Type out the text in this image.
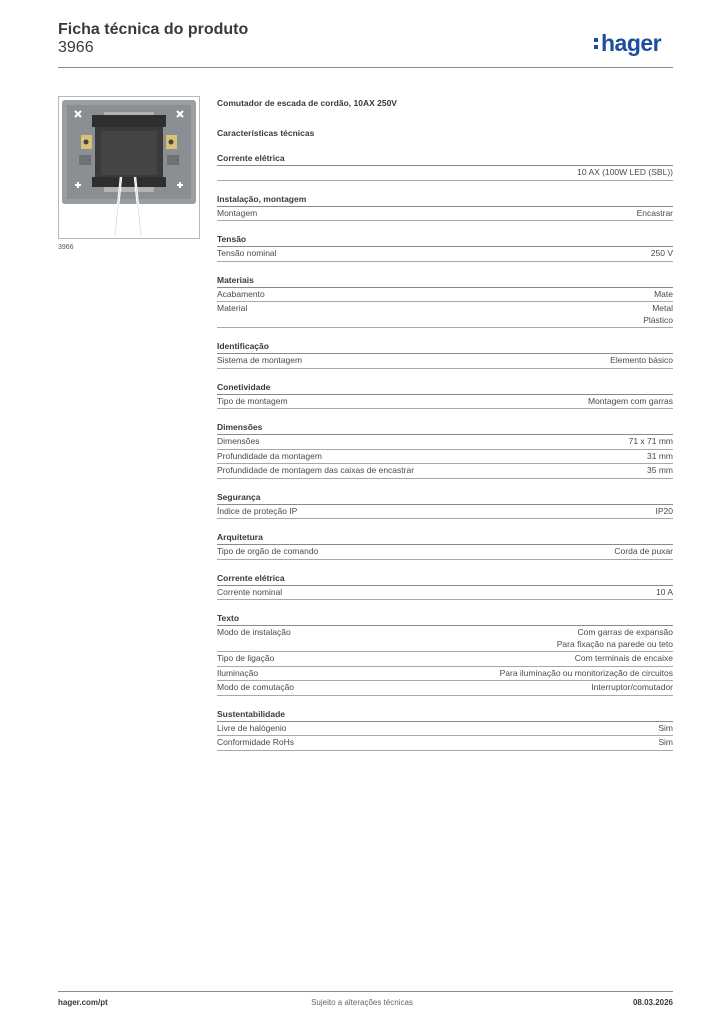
Ficha técnica do produto
3966	hager
3966
Comutador de escada de cordão, 10AX 250V
Características técnicas
Corrente elétrica
10 AX (100W LED (SBL))
Instalação, montagem
Montagem	Encastrar
Tensão
Tensão nominal	250 V
Materiais
Acabamento	Mate
Material	Metal
Plástico
Identificação
Sistema de montagem	Elemento básico
Conetividade
Tipo de montagem	Montagem com garras
Dimensões
Dimensões	71 x 71 mm
Profundidade da montagem	31 mm
Profundidade de montagem das caixas de encastrar	35 mm
Segurança
Índice de proteção IP	IP20
Arquitetura
Tipo de orgão de comando	Corda de puxar
Corrente elétrica
Corrente nominal	10 A
Texto
Modo de instalação	Com garras de expansão
Para fixação na parede ou teto
Tipo de ligação	Com terminais de encaixe
Iluminação	Para iluminação ou monitorização de circuitos
Modo de comutação	Interruptor/comutador
Sustentabilidade
Livre de halógenio	Sim
Conformidade RoHs	Sim
hager.com/pt	Sujeito a alterações técnicas	08.03.2026
